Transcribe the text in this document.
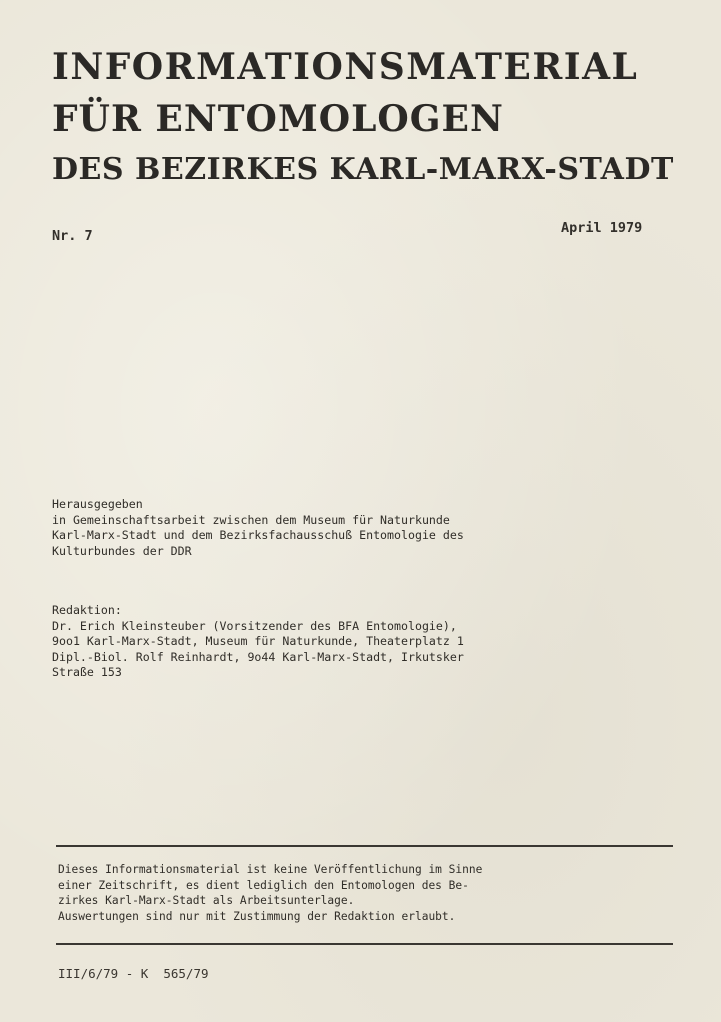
INFORMATIONSMATERIAL
FÜR ENTOMOLOGEN
DES BEZIRKES KARL-MARX-STADT

Nr. 7	April 1979

Herausgegeben
in Gemeinschaftsarbeit zwischen dem Museum für Naturkunde
Karl-Marx-Stadt und dem Bezirksfachausschuß Entomologie des
Kulturbundes der DDR
Redaktion:
Dr. Erich Kleinsteuber (Vorsitzender des BFA Entomologie),
9oo1 Karl-Marx-Stadt, Museum für Naturkunde, Theaterplatz 1
Dipl.-Biol. Rolf Reinhardt, 9o44 Karl-Marx-Stadt, Irkutsker
Straße 153
Dieses Informationsmaterial ist keine Veröffentlichung im Sinne
einer Zeitschrift, es dient lediglich den Entomologen des Be-
zirkes Karl-Marx-Stadt als Arbeitsunterlage.
Auswertungen sind nur mit Zustimmung der Redaktion erlaubt.
III/6/79 - K  565/79
